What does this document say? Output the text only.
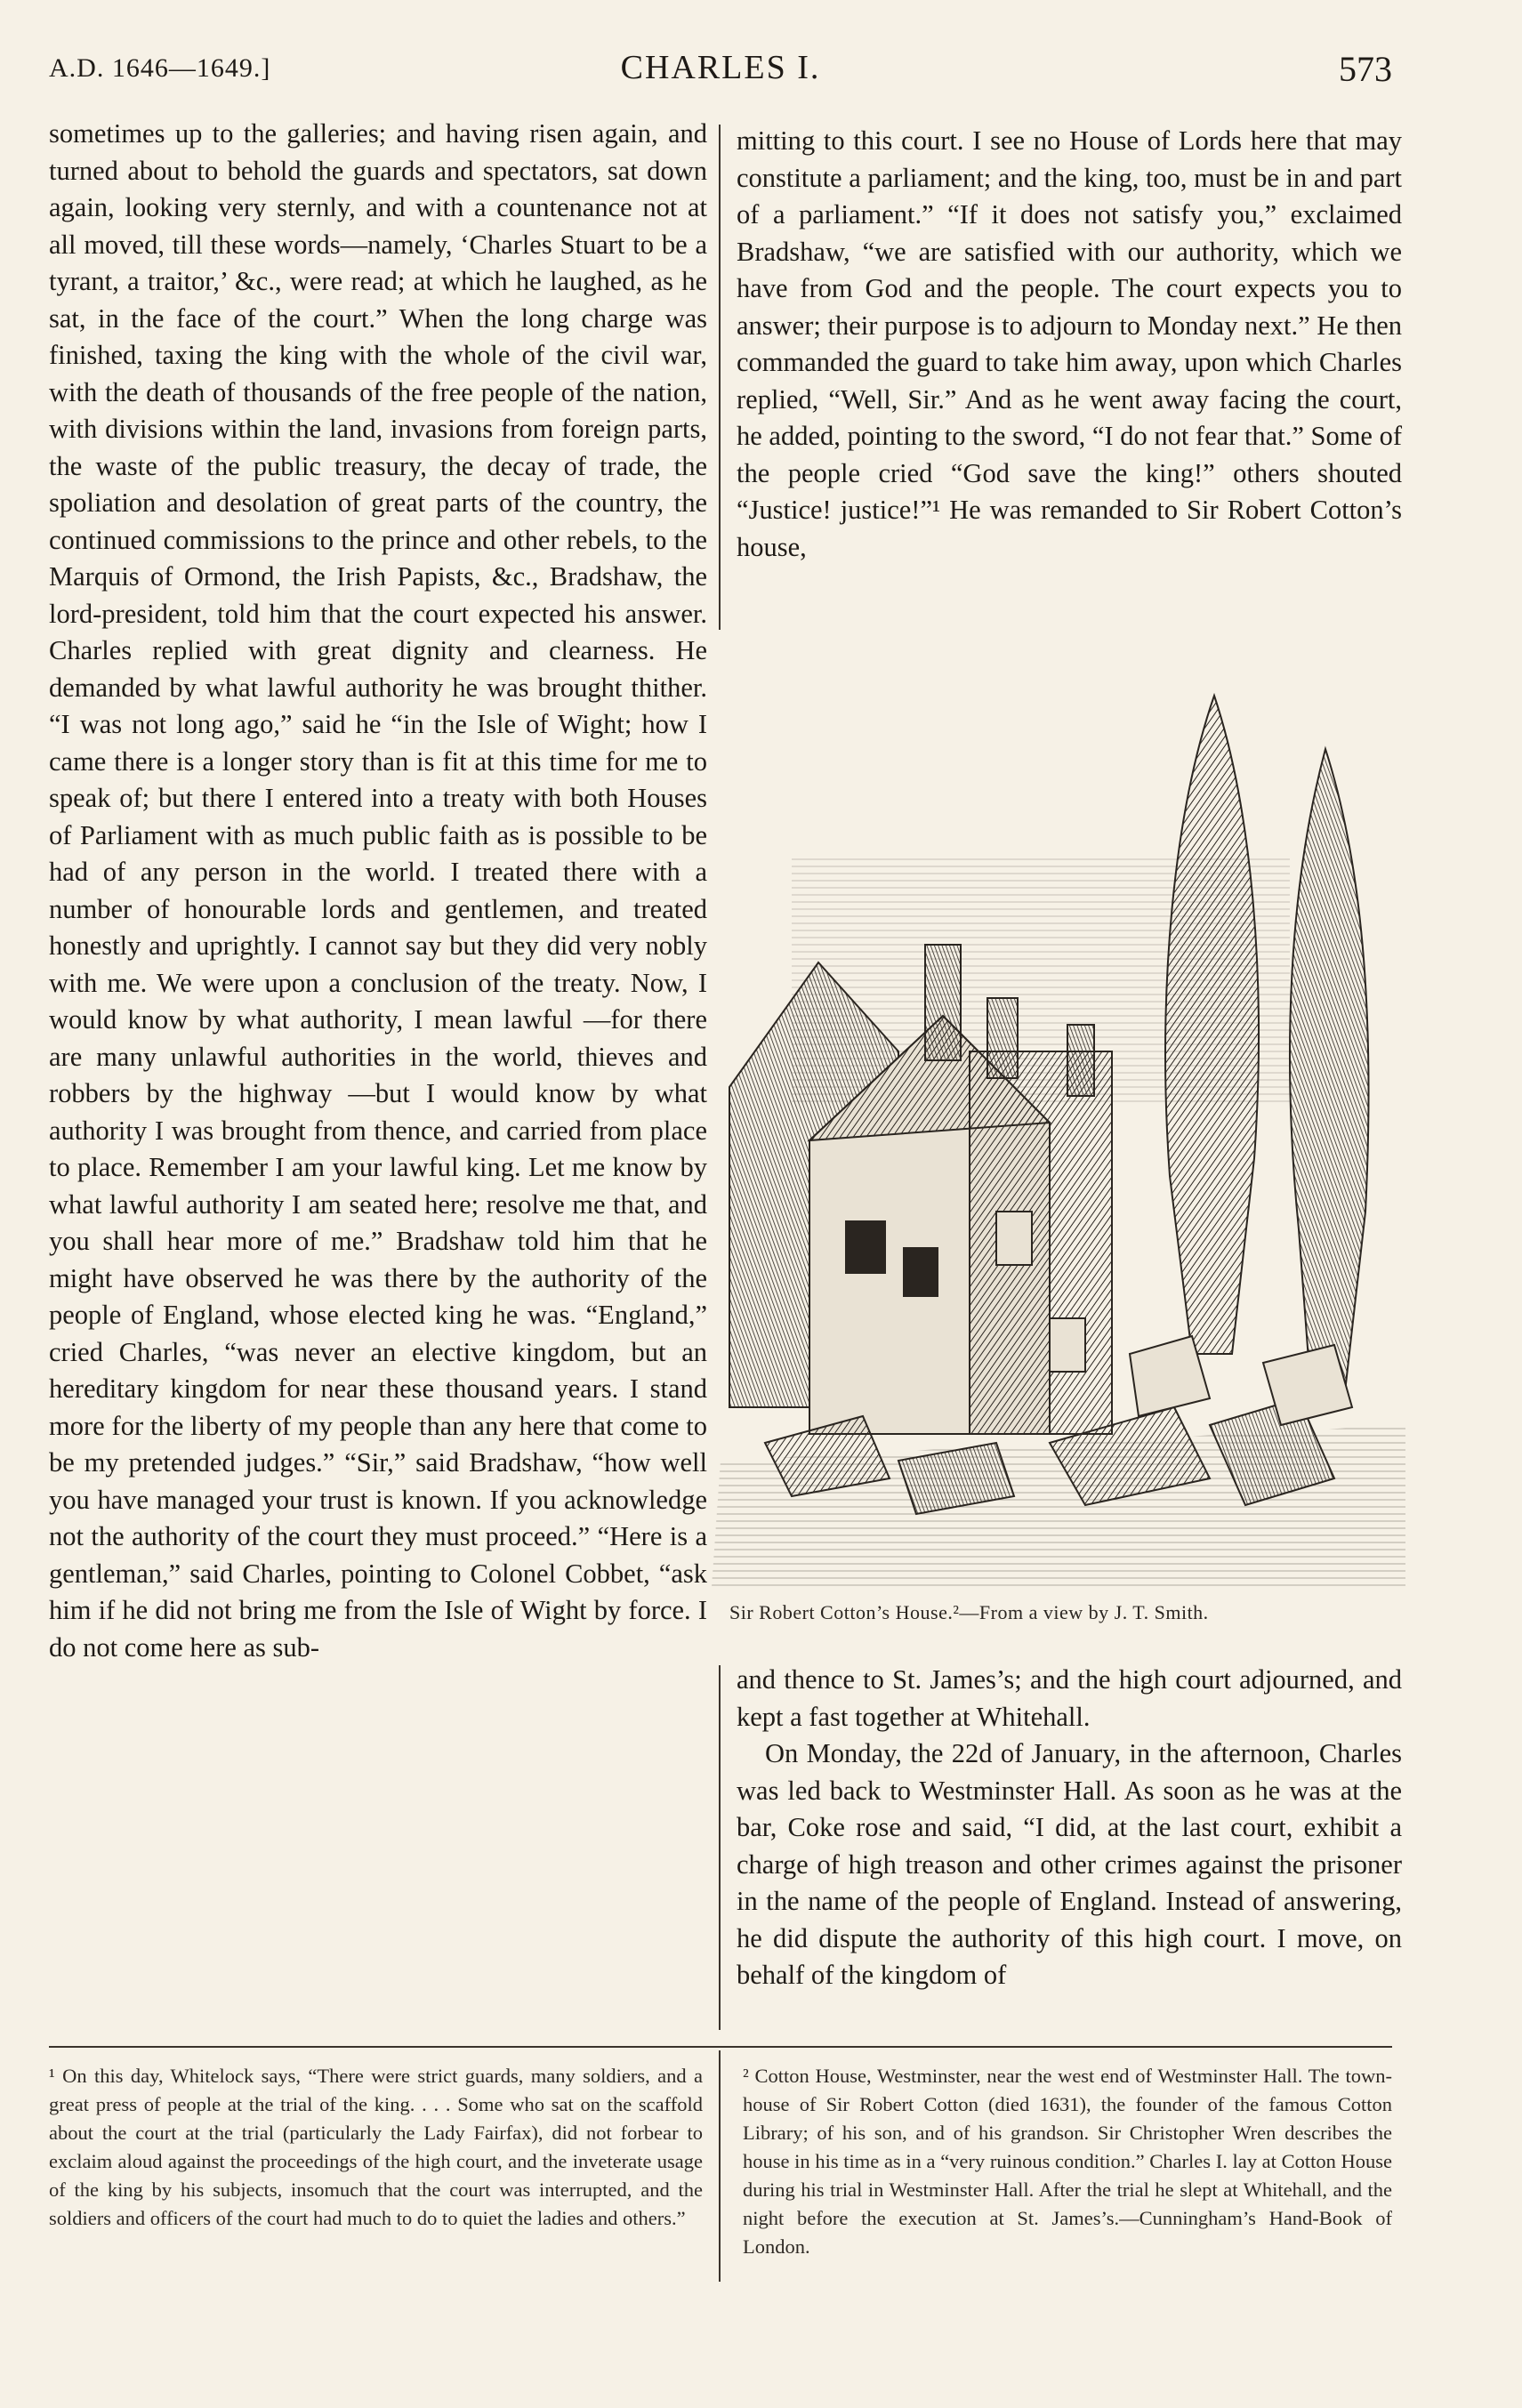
A.D. 1646—1649.]	CHARLES I.	573

sometimes up to the galleries; and having risen again, and turned about to behold the guards and spectators, sat down again, looking very sternly, and with a countenance not at all moved, till these words—namely, ‘Charles Stuart to be a tyrant, a traitor,’ &c., were read; at which he laughed, as he sat, in the face of the court.” When the long charge was finished, taxing the king with the whole of the civil war, with the death of thousands of the free people of the nation, with divisions within the land, invasions from foreign parts, the waste of the public treasury, the decay of trade, the spoliation and desolation of great parts of the country, the continued commissions to the prince and other rebels, to the Marquis of Ormond, the Irish Papists, &c., Bradshaw, the lord-president, told him that the court expected his answer. Charles replied with great dignity and clearness. He demanded by what lawful authority he was brought thither. “I was not long ago,” said he “in the Isle of Wight; how I came there is a longer story than is fit at this time for me to speak of; but there I entered into a treaty with both Houses of Parliament with as much public faith as is possible to be had of any person in the world. I treated there with a number of honourable lords and gentlemen, and treated honestly and uprightly. I cannot say but they did very nobly with me. We were upon a conclusion of the treaty. Now, I would know by what authority, I mean lawful —for there are many unlawful authorities in the world, thieves and robbers by the highway —but I would know by what authority I was brought from thence, and carried from place to place. Remember I am your lawful king. Let me know by what lawful authority I am seated here; resolve me that, and you shall hear more of me.” Bradshaw told him that he might have observed he was there by the authority of the people of England, whose elected king he was. “England,” cried Charles, “was never an elective kingdom, but an hereditary kingdom for near these thousand years. I stand more for the liberty of my people than any here that come to be my pretended judges.” “Sir,” said Bradshaw, “how well you have managed your trust is known. If you acknowledge not the authority of the court they must proceed.” “Here is a gentleman,” said Charles, pointing to Colonel Cobbet, “ask him if he did not bring me from the Isle of Wight by force. I do not come here as sub-

mitting to this court. I see no House of Lords here that may constitute a parliament; and the king, too, must be in and part of a parliament.” “If it does not satisfy you,” exclaimed Bradshaw, “we are satisfied with our authority, which we have from God and the people. The court expects you to answer; their purpose is to adjourn to Monday next.” He then commanded the guard to take him away, upon which Charles replied, “Well, Sir.” And as he went away facing the court, he added, pointing to the sword, “I do not fear that.” Some of the people cried “God save the king!” others shouted “Justice! justice!”¹ He was remanded to Sir Robert Cotton’s house,

Sir Robert Cotton’s House.²—From a view by J. T. Smith.

and thence to St. James’s; and the high court adjourned, and kept a fast together at Whitehall.

On Monday, the 22d of January, in the afternoon, Charles was led back to Westminster Hall. As soon as he was at the bar, Coke rose and said, “I did, at the last court, exhibit a charge of high treason and other crimes against the prisoner in the name of the people of England. Instead of answering, he did dispute the authority of this high court. I move, on behalf of the kingdom of

¹ On this day, Whitelock says, “There were strict guards, many soldiers, and a great press of people at the trial of the king. . . . Some who sat on the scaffold about the court at the trial (particularly the Lady Fairfax), did not forbear to exclaim aloud against the proceedings of the high court, and the inveterate usage of the king by his subjects, insomuch that the court was interrupted, and the soldiers and officers of the court had much to do to quiet the ladies and others.”
² Cotton House, Westminster, near the west end of Westminster Hall. The town-house of Sir Robert Cotton (died 1631), the founder of the famous Cotton Library; of his son, and of his grandson. Sir Christopher Wren describes the house in his time as in a “very ruinous condition.” Charles I. lay at Cotton House during his trial in Westminster Hall. After the trial he slept at Whitehall, and the night before the execution at St. James’s.—Cunningham’s Hand-Book of London.
